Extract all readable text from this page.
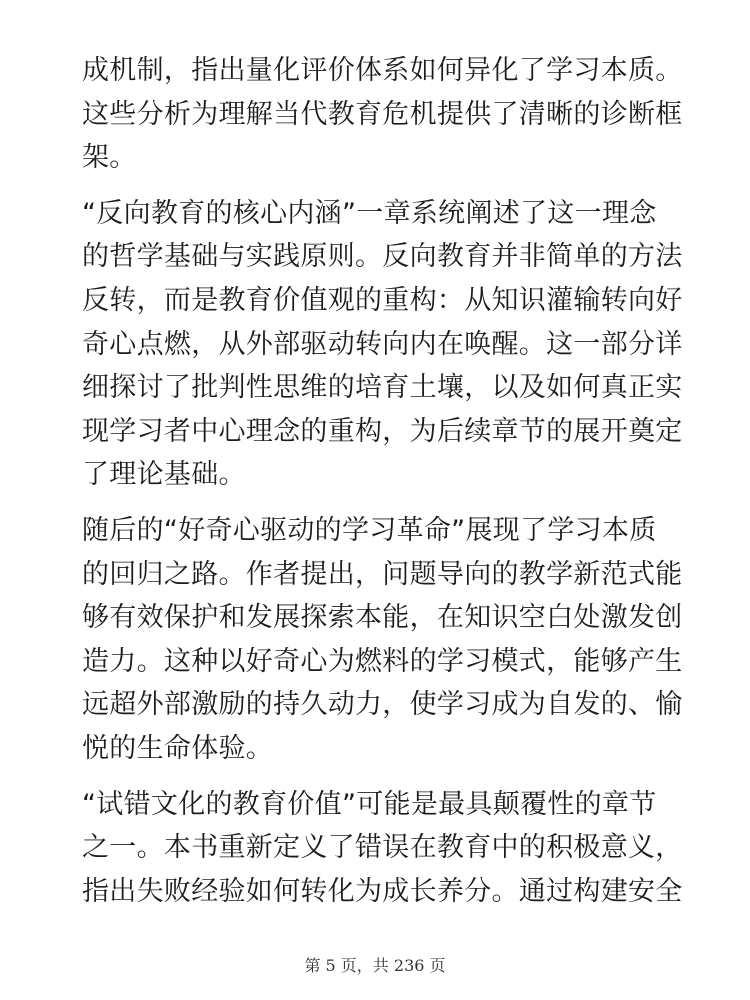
成机制，指出量化评价体系如何异化了学习本质。
这些分析为理解当代教育危机提供了清晰的诊断框
架。

“反向教育的核心内涵”一章系统阐述了这一理念
的哲学基础与实践原则。反向教育并非简单的方法
反转，而是教育价值观的重构：从知识灌输转向好
奇心点燃，从外部驱动转向内在唤醒。这一部分详
细探讨了批判性思维的培育土壤，以及如何真正实
现学习者中心理念的重构，为后续章节的展开奠定
了理论基础。

随后的“好奇心驱动的学习革命”展现了学习本质
的回归之路。作者提出，问题导向的教学新范式能
够有效保护和发展探索本能，在知识空白处激发创
造力。这种以好奇心为燃料的学习模式，能够产生
远超外部激励的持久动力，使学习成为自发的、愉
悦的生命体验。

“试错文化的教育价值”可能是最具颠覆性的章节
之一。本书重新定义了错误在教育中的积极意义，
指出失败经验如何转化为成长养分。通过构建安全

第 5 页，共 236 页
